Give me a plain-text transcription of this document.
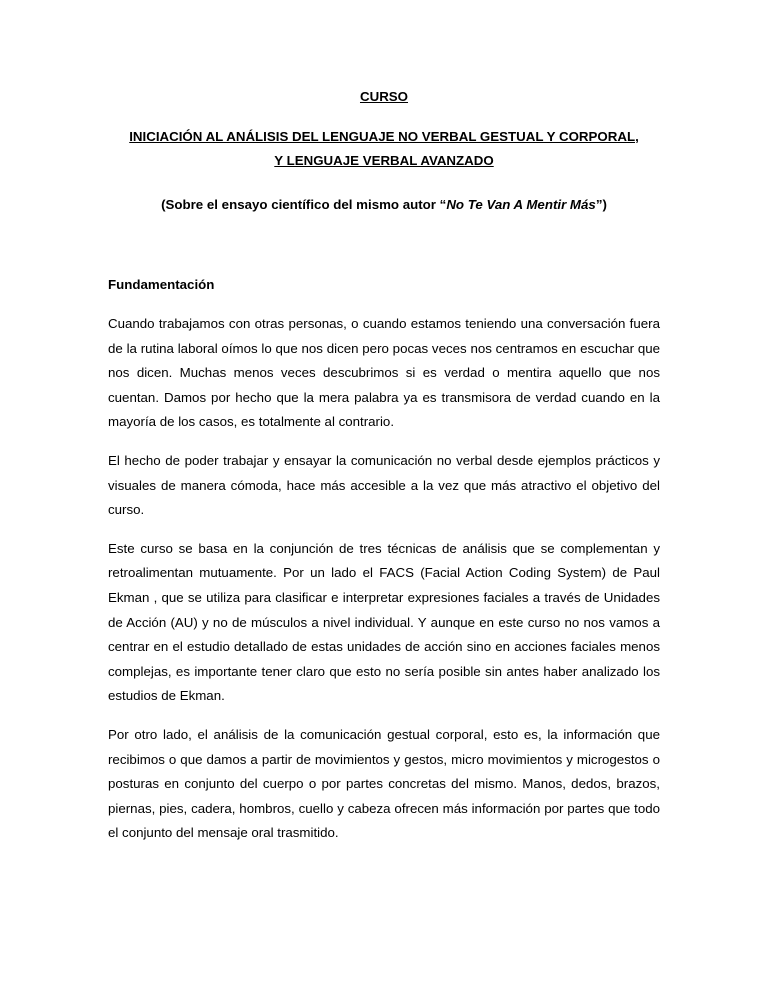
CURSO

INICIACIÓN AL ANÁLISIS DEL LENGUAJE NO VERBAL GESTUAL Y CORPORAL, Y LENGUAJE VERBAL AVANZADO

(Sobre el ensayo científico del mismo autor “No Te Van A Mentir Más”)

Fundamentación

Cuando trabajamos con otras personas, o cuando estamos teniendo una conversación fuera de la rutina laboral oímos lo que nos dicen pero pocas veces nos centramos en escuchar que nos dicen. Muchas menos veces descubrimos si es verdad o mentira aquello que nos cuentan. Damos por hecho que la mera palabra ya es transmisora de verdad cuando en la mayoría de los casos, es totalmente al contrario.

El hecho de poder trabajar y ensayar la comunicación no verbal desde ejemplos prácticos y visuales de manera cómoda, hace más accesible a la vez que más atractivo el objetivo del curso.

Este curso se basa en la conjunción de tres técnicas de análisis que se complementan y retroalimentan mutuamente. Por un lado el FACS (Facial Action Coding System) de Paul Ekman , que se utiliza para clasificar e interpretar expresiones faciales a través de Unidades de Acción (AU) y no de músculos a nivel individual. Y aunque en este curso no nos vamos a centrar en el estudio detallado de estas unidades de acción sino en acciones faciales menos complejas, es importante tener claro que esto no sería posible sin antes haber analizado los estudios de Ekman.

Por otro lado, el análisis de la comunicación gestual corporal, esto es, la información que recibimos o que damos a partir de movimientos y gestos, micro movimientos y microgestos o posturas en conjunto del cuerpo o por partes concretas del mismo. Manos, dedos, brazos, piernas, pies, cadera, hombros, cuello y cabeza ofrecen más información por partes que todo el conjunto del mensaje oral trasmitido.
